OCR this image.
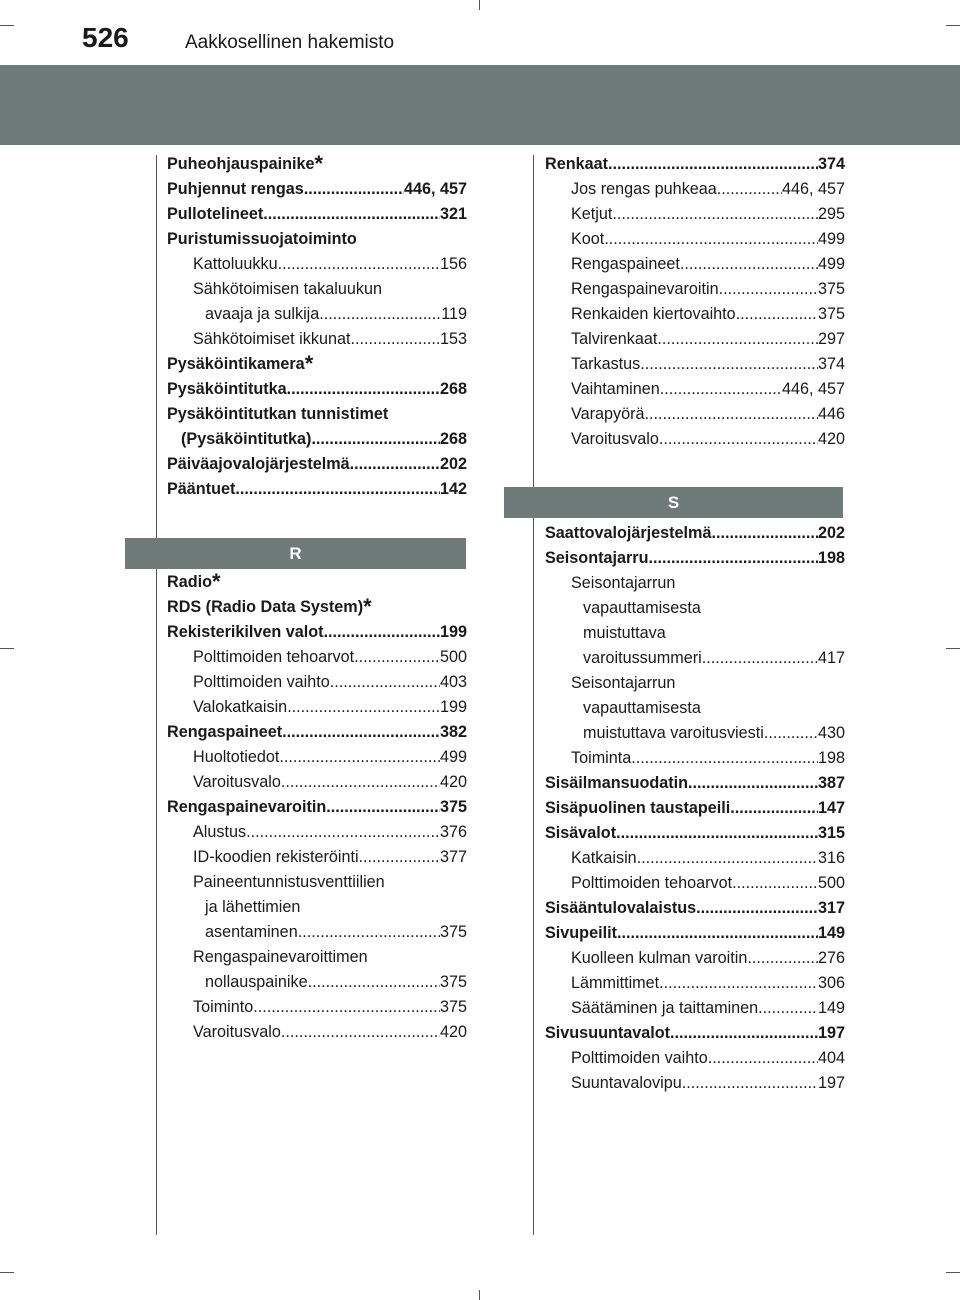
526	Aakkosellinen hakemisto
Puheohjauspainike*
Puhjennut rengas .....	446, 457
Pullotelineet .....	321
Puristumissuojatoiminto
Kattoluukku .....	156
Sähkötoimisen takaluukun
avaaja ja sulkija .....	119
Sähkötoimiset ikkunat .....	153
Pysäköintikamera*
Pysäköintitutka .....	268
Pysäköintitutkan tunnistimet
(Pysäköintitutka) .....	268
Päiväajovalojärjestelmä .....	202
Pääntuet .....	142
R
Radio*
RDS (Radio Data System)*
Rekisterikilven valot .....	199
Polttimoiden tehoarvot .....	500
Polttimoiden vaihto .....	403
Valokatkaisin .....	199
Rengaspaineet .....	382
Huoltotiedot .....	499
Varoitusvalo .....	420
Rengaspainevaroitin .....	375
Alustus .....	376
ID-koodien rekisteröinti .....	377
Paineentunnistusventtiilien
ja lähettimien
asentaminen .....	375
Rengaspainevaroittimen
nollauspainike .....	375
Toiminto .....	375
Varoitusvalo .....	420
Renkaat .....	374
Jos rengas puhkeaa .....	446, 457
Ketjut .....	295
Koot .....	499
Rengaspaineet .....	499
Rengaspainevaroitin .....	375
Renkaiden kiertovaihto .....	375
Talvirenkaat .....	297
Tarkastus .....	374
Vaihtaminen .....	446, 457
Varapyörä .....	446
Varoitusvalo .....	420
S
Saattovalojärjestelmä .....	202
Seisontajarru .....	198
Seisontajarrun
vapauttamisesta
muistuttava
varoitussummeri .....	417
Seisontajarrun
vapauttamisesta
muistuttava varoitusviesti .....	430
Toiminta .....	198
Sisäilmansuodatin .....	387
Sisäpuolinen taustapeili .....	147
Sisävalot .....	315
Katkaisin .....	316
Polttimoiden tehoarvot .....	500
Sisääntulovalaistus .....	317
Sivupeilit .....	149
Kuolleen kulman varoitin .....	276
Lämmittimet .....	306
Säätäminen ja taittaminen .....	149
Sivusuuntavalot .....	197
Polttimoiden vaihto .....	404
Suuntavalovipu .....	197
